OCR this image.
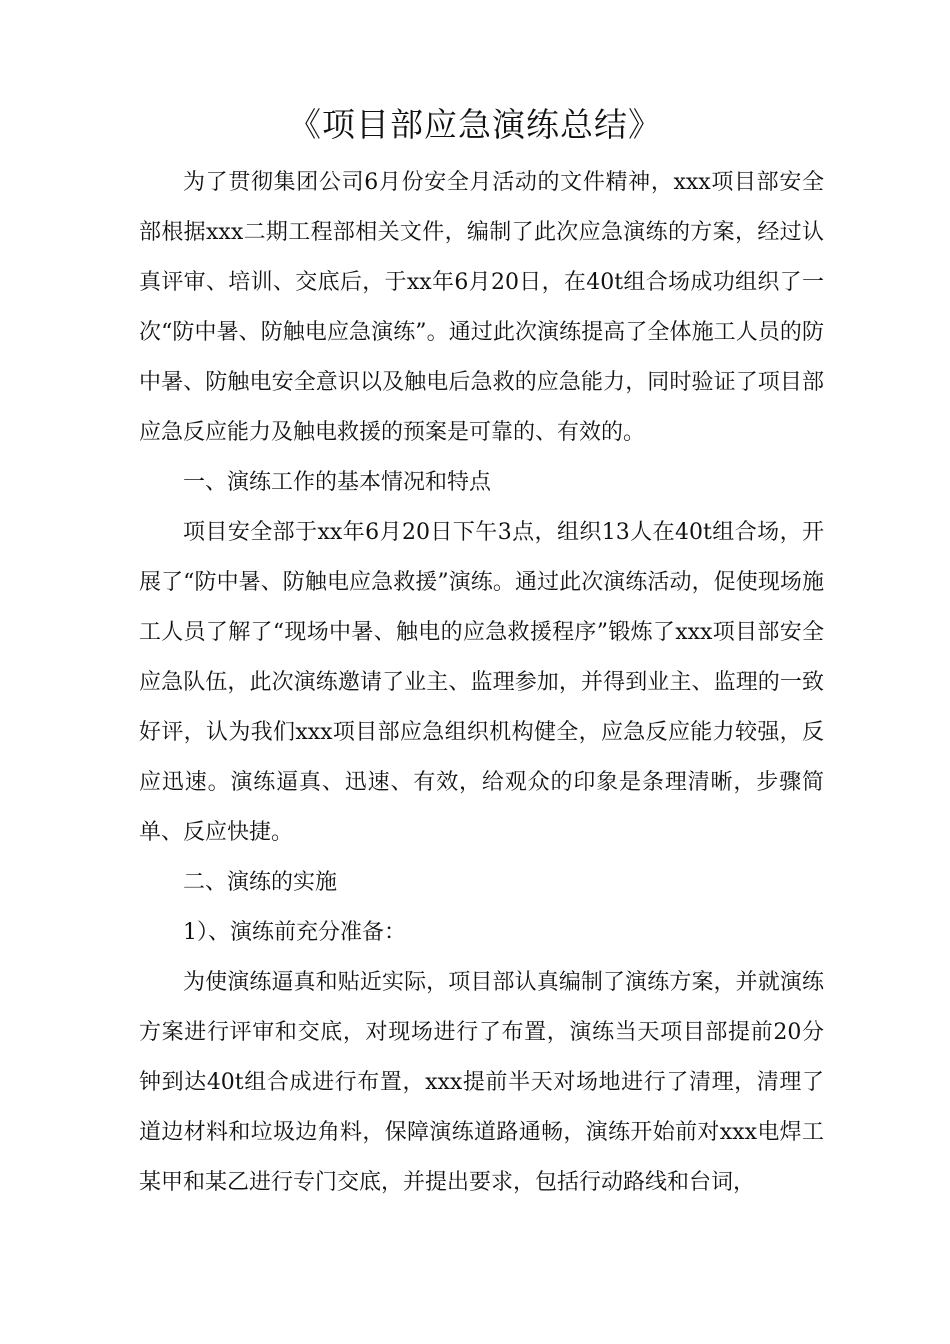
《项目部应急演练总结》

为了贯彻集团公司6月份安全月活动的文件精神，xxx项目部安全部根据xxx二期工程部相关文件，编制了此次应急演练的方案，经过认真评审、培训、交底后，于xx年6月20日，在40t组合场成功组织了一次“防中暑、防触电应急演练”。通过此次演练提高了全体施工人员的防中暑、防触电安全意识以及触电后急救的应急能力，同时验证了项目部应急反应能力及触电救援的预案是可靠的、有效的。

一、演练工作的基本情况和特点

项目安全部于xx年6月20日下午3点，组织13人在40t组合场，开展了“防中暑、防触电应急救援”演练。通过此次演练活动，促使现场施工人员了解了“现场中暑、触电的应急救援程序”锻炼了xxx项目部安全应急队伍，此次演练邀请了业主、监理参加，并得到业主、监理的一致好评，认为我们xxx项目部应急组织机构健全，应急反应能力较强，反应迅速。演练逼真、迅速、有效，给观众的印象是条理清晰，步骤简单、反应快捷。

二、演练的实施

1）、演练前充分准备：

为使演练逼真和贴近实际，项目部认真编制了演练方案，并就演练方案进行评审和交底，对现场进行了布置，演练当天项目部提前20分钟到达40t组合成进行布置，xxx提前半天对场地进行了清理，清理了道边材料和垃圾边角料，保障演练道路通畅，演练开始前对xxx电焊工某甲和某乙进行专门交底，并提出要求，包括行动路线和台词，
